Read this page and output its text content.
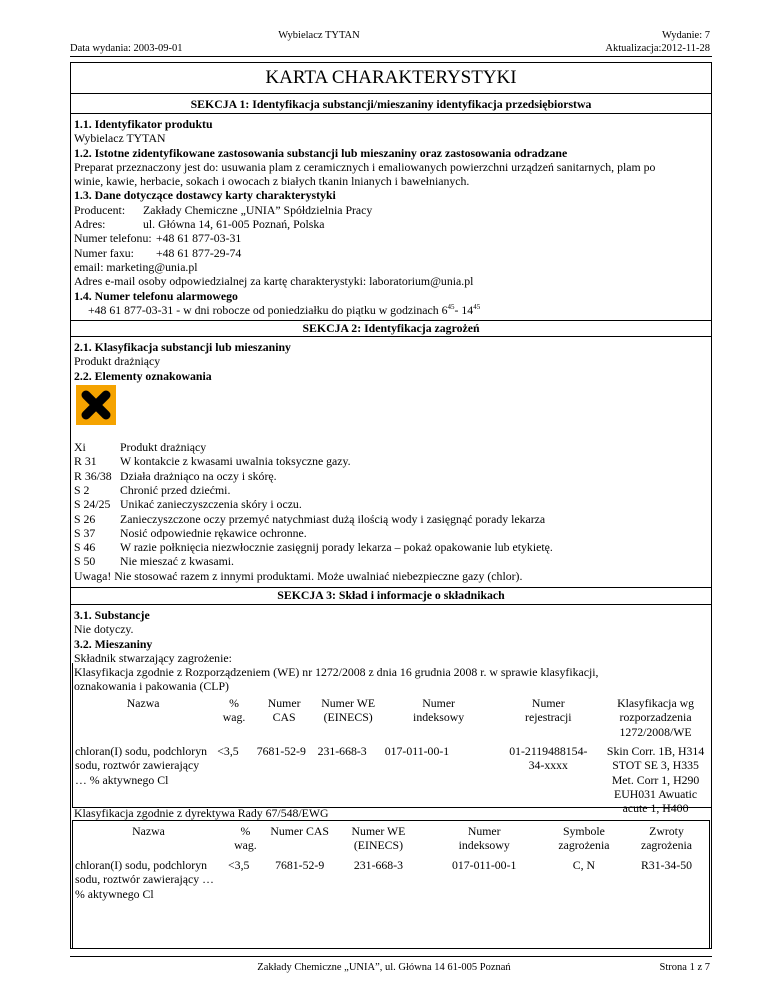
Wybielacz TYTAN
Data wydania: 2003-09-01
Wydanie: 7
Aktualizacja:2012-11-28
KARTA CHARAKTERYSTYKI
SEKCJA 1: Identyfikacja substancji/mieszaniny identyfikacja przedsiębiorstwa
1.1. Identyfikator produktu
Wybielacz TYTAN
1.2. Istotne zidentyfikowane zastosowania substancji lub mieszaniny oraz zastosowania odradzane
Preparat przeznaczony jest do: usuwania plam z ceramicznych i emaliowanych powierzchni urządzeń sanitarnych, plam po
winie, kawie, herbacie, sokach i owocach z białych tkanin lnianych i bawełnianych.
1.3. Dane dotyczące dostawcy karty charakterystyki
Producent: Zakłady Chemiczne „UNIA” Spółdzielnia Pracy
Adres:	ul. Główna 14, 61-005 Poznań, Polska
Numer telefonu: +48 61 877-03-31
Numer faxu: +48 61 877-29-74
email: marketing@unia.pl
Adres e-mail osoby odpowiedzialnej za kartę charakterystyki: laboratorium@unia.pl
1.4. Numer telefonu alarmowego
+48 61 877-03-31 - w dni robocze od poniedziałku do piątku w godzinach $6^{45}-$ $14^{45}$
SEKCJA 2: Identyfikacja zagrożeń
2.1. Klasyfikacja substancji lub mieszaniny
Produkt drażniący
2.2. Elementy oznakowania
Xi	Produkt drażniący
R 31 W kontakcie z kwasami uwalnia toksyczne gazy.
R 36/38 Działa drażniąco na oczy i skórę.
S 2	Chronić przed dziećmi.
S 24/25 Unikać zanieczyszczenia skóry i oczu.
S 26 Zanieczyszczone oczy przemyć natychmiast dużą ilością wody i zasięgnąć porady lekarza
S 37 Nosić odpowiednie rękawice ochronne.
S 46 W razie połknięcia niezwłocznie zasięgnij porady lekarza – pokaż opakowanie lub etykietę.
S 50 Nie mieszać z kwasami.
Uwaga! Nie stosować razem z innymi produktami. Może uwalniać niebezpieczne gazy (chlor).
SEKCJA 3: Skład i informacje o składnikach
3.1. Substancje
Nie dotyczy.
3.2. Mieszaniny
Składnik stwarzający zagrożenie:
Klasyfikacja zgodnie z Rozporządzeniem (WE) nr 1272/2008 z dnia 16 grudnia 2008 r. w sprawie klasyfikacji,
oznakowania i pakowania (CLP)
Nazwa	% wag.	Numer CAS	Numer WE (EINECS)	Numer indeksowy	Numer rejestracji	Klasyfikacja wg rozporzadzenia 1272/2008/WE
chloran(I) sodu, podchloryn sodu, roztwór zawierający … % aktywnego Cl	<3,5	7681-52-9	231-668-3	017-011-00-1	01-2119488154-34-xxxx	Skin Corr. 1B, H314 STOT SE 3, H335 Met. Corr 1, H290 EUH031 Awuatic acute 1, H400
Klasyfikacja zgodnie z dyrektywa Rady 67/548/EWG
Nazwa	% wag.	Numer CAS	Numer WE (EINECS)	Numer indeksowy	Symbole zagrożenia	Zwroty zagrożenia
chloran(I) sodu, podchloryn sodu, roztwór zawierający … % aktywnego Cl	<3,5	7681-52-9	231-668-3	017-011-00-1	C, N	R31-34-50
Zakłady Chemiczne „UNIA”, ul. Główna 14 61-005 Poznań	Strona 1 z 7
